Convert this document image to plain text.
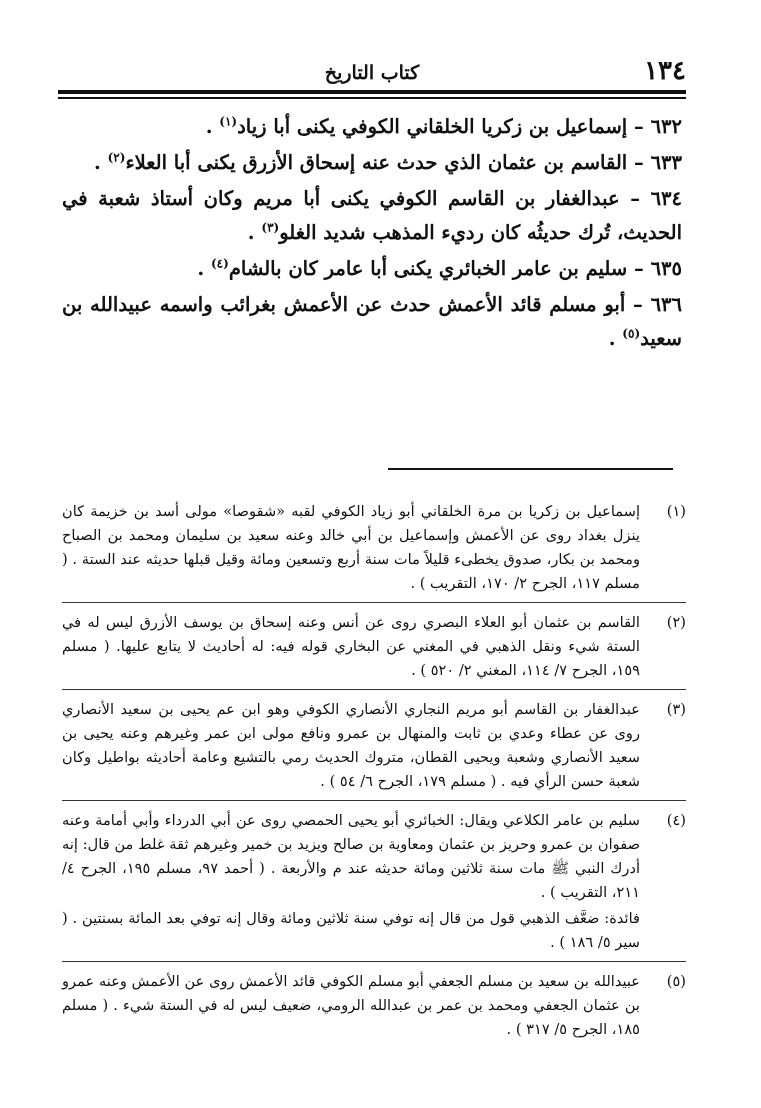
١٣٤
كتاب التاريخ

٦٣٢ – إسماعيل بن زكريا الخلقاني الكوفي يكنى أبا زياد$^{(١)}$ .

٦٣٣ – القاسم بن عثمان الذي حدث عنه إسحاق الأزرق يكنى أبا العلاء$^{(٢)}$ .

٦٣٤ – عبدالغفار بن القاسم الكوفي يكنى أبا مريم وكان أستاذ شعبة في الحديث، تُرك حديثُه كان رديء المذهب شديد الغلو$^{(٣)}$ .

٦٣٥ – سليم بن عامر الخبائري يكنى أبا عامر كان بالشام$^{(٤)}$ .

٦٣٦ – أبو مسلم قائد الأعمش حدث عن الأعمش بغرائب واسمه عبيدالله بن سعيد$^{(٥)}$ .

(١)
إسماعيل بن زكريا بن مرة الخلقاني أبو زياد الكوفي لقبه «شقوصا» مولى أسد بن خزيمة كان ينزل بغداد روى عن الأعمش وإسماعيل بن أبي خالد وعنه سعيد بن سليمان ومحمد بن الصباح ومحمد بن بكار، صدوق يخطىء قليلاً مات سنة أربع وتسعين ومائة وقيل قبلها حديثه عند الستة . ( مسلم ١١٧، الجرح ٢/ ١٧٠، التقريب ) .
(٢)
القاسم بن عثمان أبو العلاء البصري روى عن أنس وعنه إسحاق بن يوسف الأزرق ليس له في الستة شيء ونقل الذهبي في المغني عن البخاري قوله فيه: له أحاديث لا يتابع عليها. ( مسلم ١٥٩، الجرح ٧/ ١١٤، المغني ٢/ ٥٢٠ ) .
(٣)
عبدالغفار بن القاسم أبو مريم النجاري الأنصاري الكوفي وهو ابن عم يحيى بن سعيد الأنصاري روى عن عطاء وعدي بن ثابت والمنهال بن عمرو ونافع مولى ابن عمر وغيرهم وعنه يحيى بن سعيد الأنصاري وشعبة ويحيى القطان، متروك الحديث رمي بالتشيع وعامة أحاديثه بواطيل وكان شعبة حسن الرأي فيه . ( مسلم ١٧٩، الجرح ٦/ ٥٤ ) .
(٤)
سليم بن عامر الكلاعي ويقال: الخبائري أبو يحيى الحمصي روى عن أبي الدرداء وأبي أمامة وعنه صفوان بن عمرو وحريز بن عثمان ومعاوية بن صالح ويزيد بن خمير وغيرهم ثقة غلط من قال: إنه أدرك النبي ﷺ مات سنة ثلاثين ومائة حديثه عند م والأربعة . ( أحمد ٩٧، مسلم ١٩٥، الجرح ٤/ ٢١١، التقريب ) .
فائدة: ضعَّف الذهبي قول من قال إنه توفي سنة ثلاثين ومائة وقال إنه توفي بعد المائة بسنتين . ( سير ٥/ ١٨٦ ) .
(٥)
عبيدالله بن سعيد بن مسلم الجعفي أبو مسلم الكوفي قائد الأعمش روى عن الأعمش وعنه عمرو بن عثمان الجعفي ومحمد بن عمر بن عبدالله الرومي، ضعيف ليس له في الستة شيء . ( مسلم ١٨٥، الجرح ٥/ ٣١٧ ) .
